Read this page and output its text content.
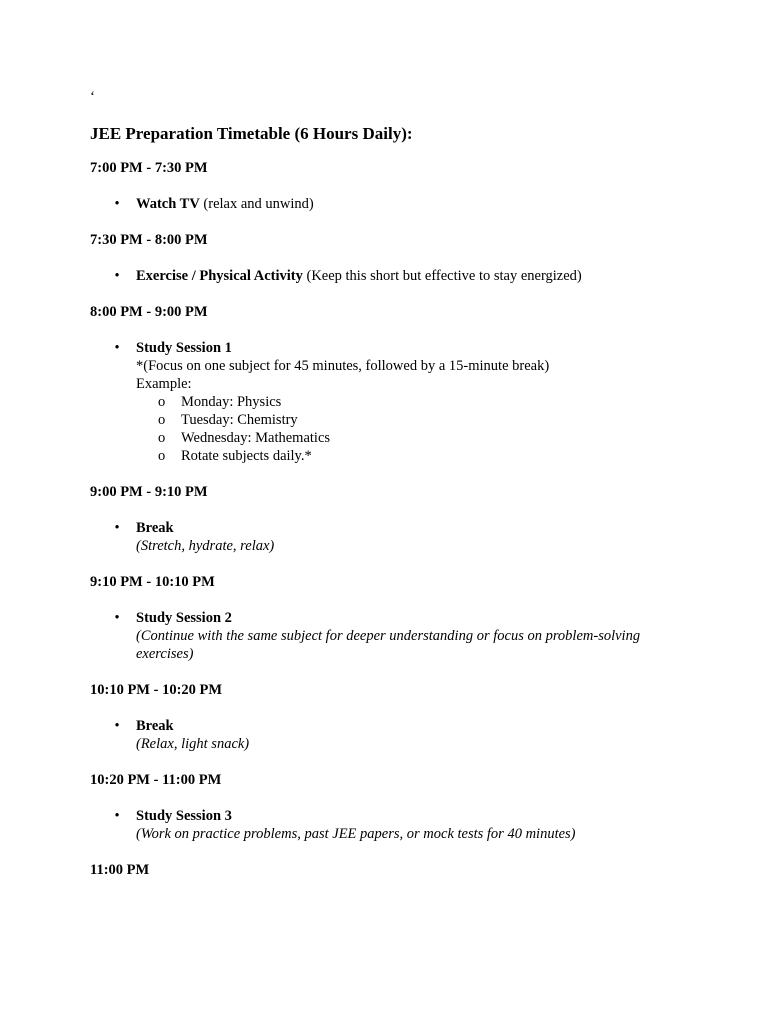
‘
JEE Preparation Timetable (6 Hours Daily):
7:00 PM - 7:30 PM
• Watch TV (relax and unwind)
7:30 PM - 8:00 PM
• Exercise / Physical Activity (Keep this short but effective to stay energized)
8:00 PM - 9:00 PM
• Study Session 1
*(Focus on one subject for 45 minutes, followed by a 15-minute break)
Example:
o Monday: Physics
o Tuesday: Chemistry
o Wednesday: Mathematics
o Rotate subjects daily.*
9:00 PM - 9:10 PM
• Break
(Stretch, hydrate, relax)
9:10 PM - 10:10 PM
• Study Session 2
(Continue with the same subject for deeper understanding or focus on problem-solving exercises)
10:10 PM - 10:20 PM
• Break
(Relax, light snack)
10:20 PM - 11:00 PM
• Study Session 3
(Work on practice problems, past JEE papers, or mock tests for 40 minutes)
11:00 PM
